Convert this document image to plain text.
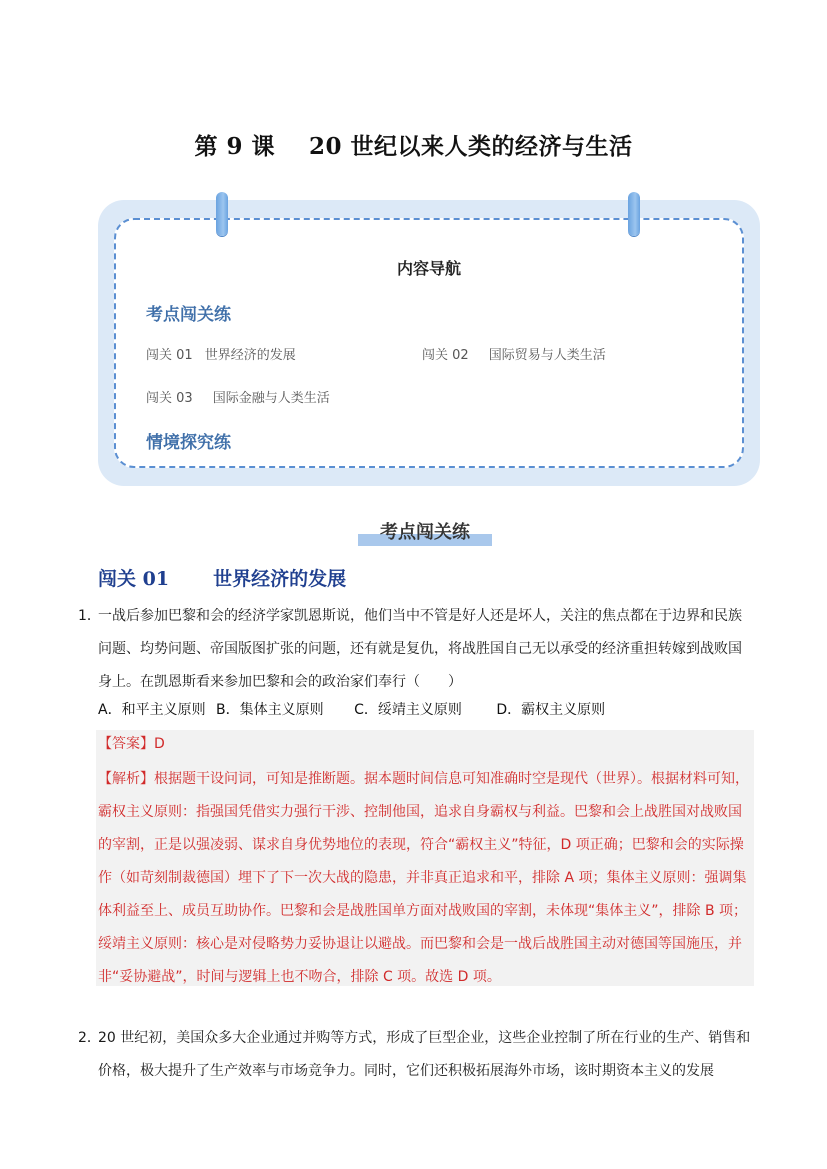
第 9 课 20 世纪以来人类的经济与生活
内容导航
考点闯关练
闯关 01 世界经济的发展	闯关 02 国际贸易与人类生活
闯关 03 国际金融与人类生活
情境探究练
考点闯关练
闯关 01 世界经济的发展
1．
一战后参加巴黎和会的经济学家凯恩斯说，他们当中不管是好人还是坏人，关注的焦点都在于边界和民族问题、均势问题、帝国版图扩张的问题，还有就是复仇，将战胜国自己无以承受的经济重担转嫁到战败国身上。在凯恩斯看来参加巴黎和会的政治家们奉行（　　）
A．和平主义原则 B．集体主义原则 C．绥靖主义原则 D．霸权主义原则
【答案】D
【解析】根据题干设问词，可知是推断题。据本题时间信息可知准确时空是现代（世界）。根据材料可知，霸权主义原则：指强国凭借实力强行干涉、控制他国，追求自身霸权与利益。巴黎和会上战胜国对战败国的宰割，正是以强凌弱、谋求自身优势地位的表现，符合“霸权主义”特征，D 项正确；巴黎和会的实际操作（如苛刻制裁德国）埋下了下一次大战的隐患，并非真正追求和平，排除 A 项；集体主义原则：强调集体利益至上、成员互助协作。巴黎和会是战胜国单方面对战败国的宰割，未体现“集体主义”，排除 B 项；绥靖主义原则：核心是对侵略势力妥协退让以避战。而巴黎和会是一战后战胜国主动对德国等国施压，并非“妥协避战”，时间与逻辑上也不吻合，排除 C 项。故选 D 项。
2．
20 世纪初，美国众多大企业通过并购等方式，形成了巨型企业，这些企业控制了所在行业的生产、销售和价格，极大提升了生产效率与市场竞争力。同时，它们还积极拓展海外市场，该时期资本主义的发展
